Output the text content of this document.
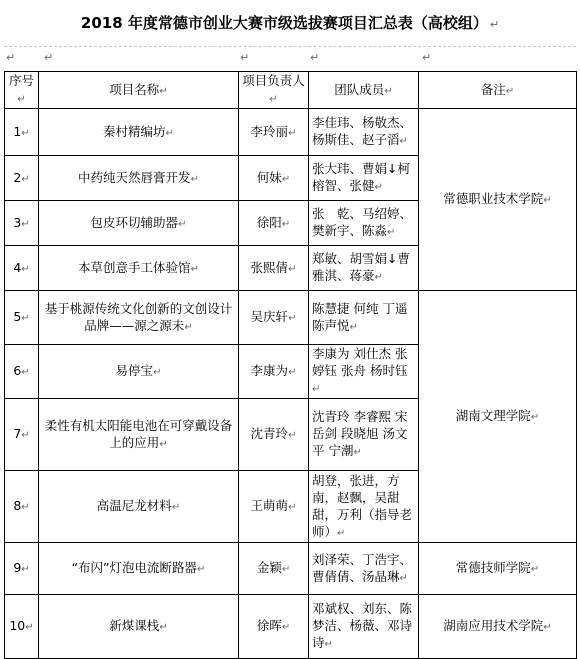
2018 年度常德市创业大赛市级选拔赛项目汇总表（高校组） ↵
↵	↵	↵	↵	↵
序号↵	项目名称↵	项目负责人↵	团队成员↵	备注↵
1↵	秦村精编坊↵	李玲丽↵	李佳玮、杨敬杰、杨斯佳、赵子滔↵	常德职业技术学院↵
2↵	中药纯天然唇膏开发↵	何妹↵	张大玮、曹娟↓柯榕智、张健↵	
3↵	包皮环切辅助器↵	徐阳↵	张　乾、马绍婷、樊新宇、陈淼↵	
4↵	本草创意手工体验馆↵	张熙倩↵	郑敏、胡雪娟↓曹雅淇、蒋豪↵	
5↵	基于桃源传统文化创新的文创设计品牌——源之源未↵	吴庆轩↵	陈慧捷 何纯 丁遥 陈声悦↵	湖南文理学院↵
6↵	易停宝↵	李康为↵	李康为 刘仕杰 张婷钰 张舟 杨时钰↵	
7↵	柔性有机太阳能电池在可穿戴设备上的应用↵	沈青玲↵	沈青玲 李睿熙 宋岳剑 段晓旭 汤文平 宁潮↵	
8↵	高温尼龙材料↵	王萌萌↵	胡登，张进，方南，赵飘，吴甜甜，万利（指导老师）↵	
9↵	“布闪”灯泡电流断路器↵	金颖↵	刘泽荣、丁浩宇、曹倩倩、汤晶琳↵	常德技师学院↵
10↵	新煤课栈↵	徐晖↵	邓斌权、刘东、陈梦洁、杨薇、邓诗诗↵	湖南应用技术学院↵
